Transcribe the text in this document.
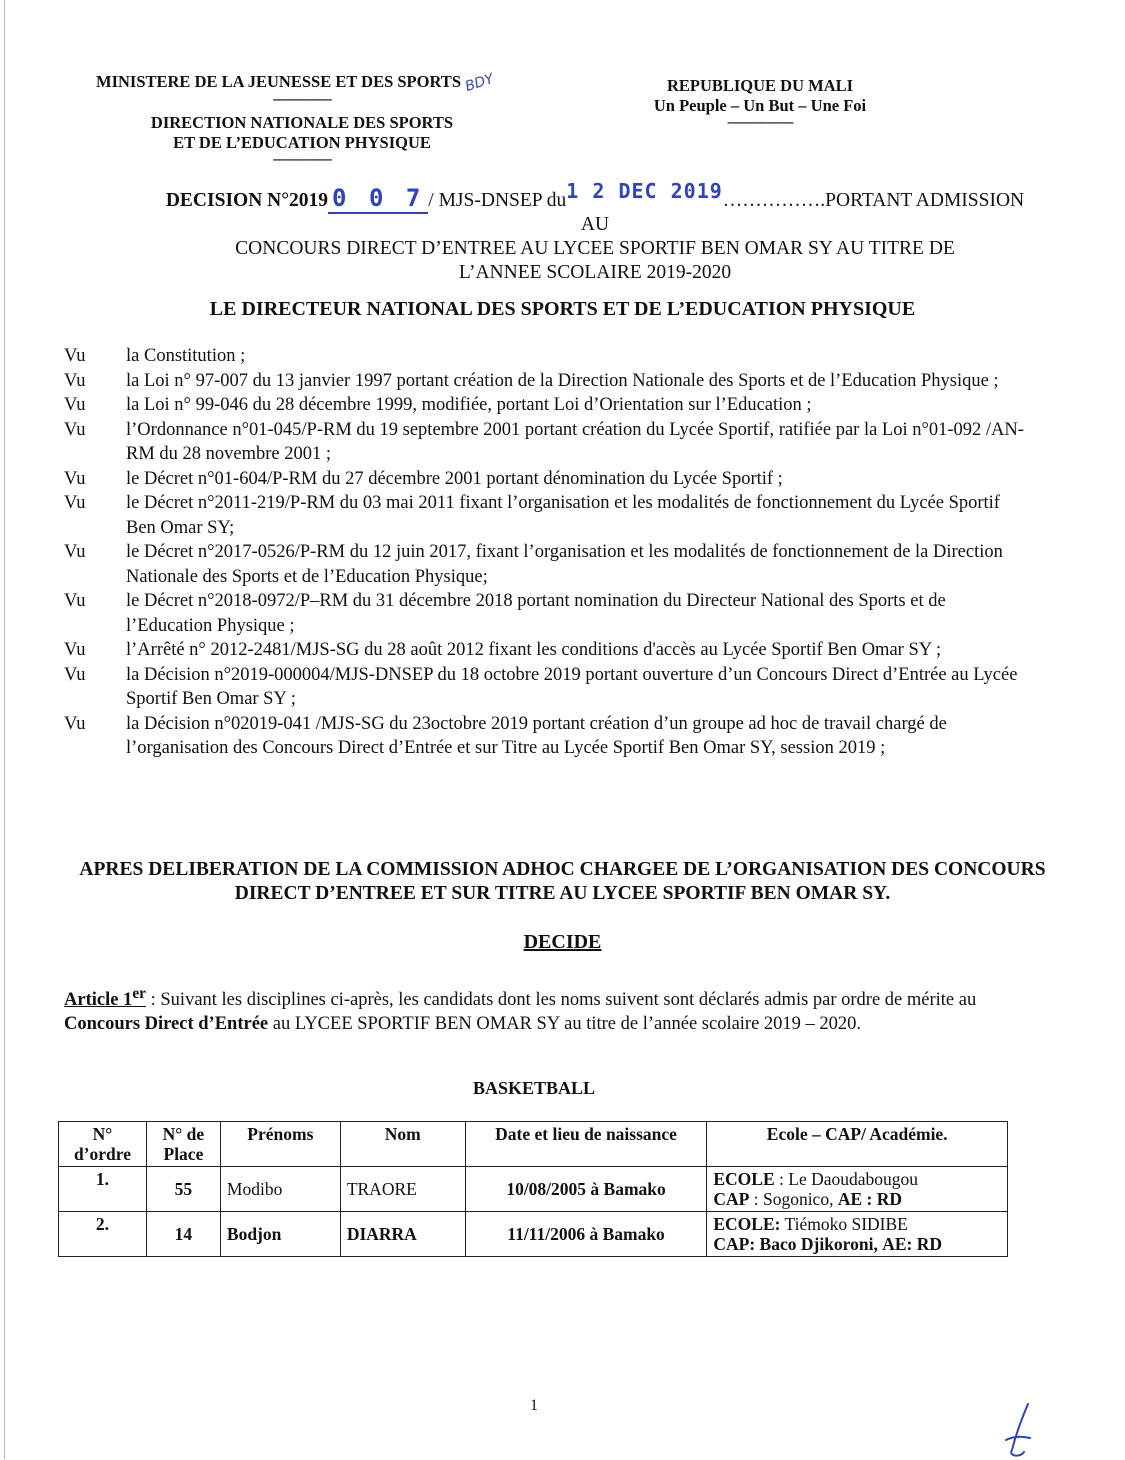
MINISTERE DE LA JEUNESSE ET DES SPORTS BDY
----------------
DIRECTION NATIONALE DES SPORTS
ET DE L’EDUCATION PHYSIQUE
----------------
REPUBLIQUE DU MALI
Un Peuple – Un But – Une Foi
------------------
DECISION N°2019 0 0 7 / MJS-DNSEP du1 2 DEC 2019…………….PORTANT ADMISSION AU
CONCOURS DIRECT D’ENTREE AU LYCEE SPORTIF BEN OMAR SY AU TITRE DE
L’ANNEE SCOLAIRE 2019-2020
LE DIRECTEUR NATIONAL DES SPORTS ET DE L’EDUCATION PHYSIQUE
Vu	la Constitution ;
Vu	la Loi n° 97-007 du 13 janvier 1997 portant création de la Direction Nationale des Sports et de l’Education Physique ;
Vu	la Loi n° 99-046 du 28 décembre 1999, modifiée, portant Loi d’Orientation sur l’Education ;
Vu	l’Ordonnance n°01-045/P-RM du 19 septembre 2001 portant création du Lycée Sportif, ratifiée par la Loi n°01-092 /AN-RM du 28 novembre 2001 ;
Vu	le Décret n°01-604/P-RM du 27 décembre 2001 portant dénomination du Lycée Sportif ;
Vu	le Décret n°2011-219/P-RM du 03 mai 2011 fixant l’organisation et les modalités de fonctionnement du Lycée Sportif Ben Omar SY;
Vu	le Décret n°2017-0526/P-RM du 12 juin 2017, fixant l’organisation et les modalités de fonctionnement de la Direction Nationale des Sports et de l’Education Physique;
Vu	le Décret n°2018-0972/P–RM du 31 décembre 2018 portant nomination du Directeur National des Sports et de l’Education Physique ;
Vu	l’Arrêté n° 2012-2481/MJS-SG du 28 août 2012 fixant les conditions d'accès au Lycée Sportif Ben Omar SY ;
Vu	la Décision n°2019-000004/MJS-DNSEP du 18 octobre 2019 portant ouverture d’un Concours Direct d’Entrée au Lycée Sportif Ben Omar SY ;
Vu	la Décision n°02019-041 /MJS-SG du 23octobre 2019 portant création d’un groupe ad hoc de travail chargé de l’organisation des Concours Direct d’Entrée et sur Titre au Lycée Sportif Ben Omar SY, session 2019 ;
APRES DELIBERATION DE LA COMMISSION ADHOC CHARGEE DE L’ORGANISATION DES CONCOURS DIRECT D’ENTREE ET SUR TITRE AU LYCEE SPORTIF BEN OMAR SY.
DECIDE
Article 1er : Suivant les disciplines ci-après, les candidats dont les noms suivent sont déclarés admis par ordre de mérite au Concours Direct d’Entrée au LYCEE SPORTIF BEN OMAR SY au titre de l’année scolaire 2019 – 2020.
BASKETBALL
N° d’ordre	N° de Place	Prénoms	Nom	Date et lieu de naissance	Ecole – CAP/ Académie.
1.	55	Modibo	TRAORE	10/08/2005 à Bamako	ECOLE : Le Daoudabougou
CAP : Sogonico, AE : RD

2.	14	Bodjon	DIARRA	11/11/2006 à Bamako	ECOLE: Tiémoko SIDIBE
CAP: Baco Djikoroni, AE: RD
1
